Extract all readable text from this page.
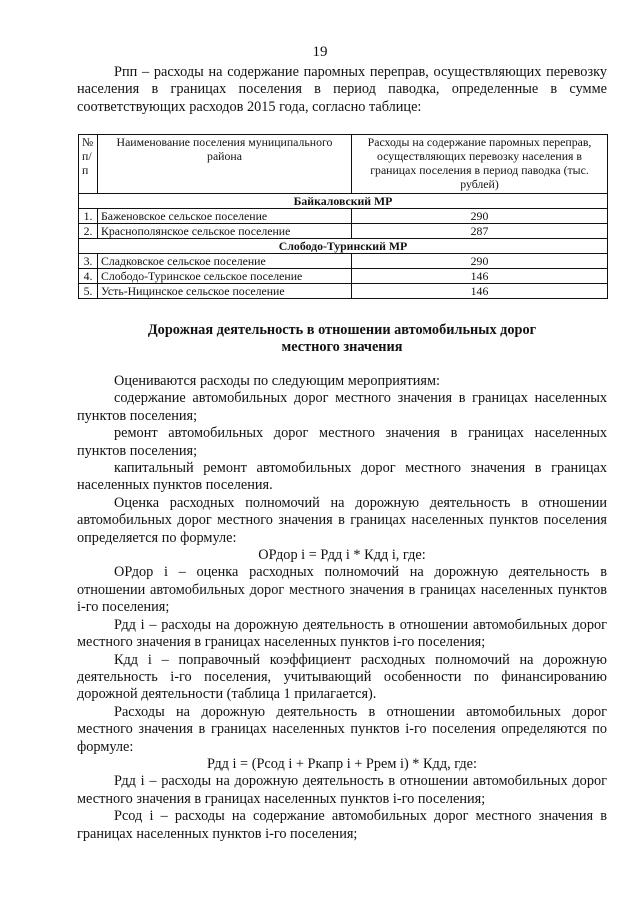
19

Рпп – расходы на содержание паромных переправ, осуществляющих перевозку населения в границах поселения в период паводка, определенные в сумме соответствующих расходов 2015 года, согласно таблице:

№ п/п	Наименование поселения муниципального района	Расходы на содержание паромных переправ, осуществляющих перевозку населения в границах поселения в период паводка (тыс. рублей)
Байкаловский МР		
1.	Баженовское сельское поселение	290
2.	Краснополянское сельское поселение	287
Слободо-Туринский МР		
3.	Сладковское сельское поселение	290
4.	Слободо-Туринское сельское поселение	146
5.	Усть-Ницинское сельское поселение	146
Дорожная деятельность в отношении автомобильных дорог
местного значения

Оцениваются расходы по следующим мероприятиям:

содержание автомобильных дорог местного значения в границах населенных пунктов поселения;

ремонт автомобильных дорог местного значения в границах населенных пунктов поселения;

капитальный ремонт автомобильных дорог местного значения в границах населенных пунктов поселения.

Оценка расходных полномочий на дорожную деятельность в отношении автомобильных дорог местного значения в границах населенных пунктов поселения определяется по формуле:

ОРдор i = Рдд i * Кдд i, где:

ОРдор i – оценка расходных полномочий на дорожную деятельность в отношении автомобильных дорог местного значения в границах населенных пунктов i-го поселения;

Рдд i – расходы на дорожную деятельность в отношении автомобильных дорог местного значения в границах населенных пунктов i-го поселения;

Кдд i – поправочный коэффициент расходных полномочий на дорожную деятельность i-го поселения, учитывающий особенности по финансированию дорожной деятельности (таблица 1 прилагается).

Расходы на дорожную деятельность в отношении автомобильных дорог местного значения в границах населенных пунктов i-го поселения определяются по формуле:

Рдд i = (Рсод i + Ркапр i + Ррем i) * Кдд, где:

Рдд i – расходы на дорожную деятельность в отношении автомобильных дорог местного значения в границах населенных пунктов i-го поселения;

Рсод i – расходы на содержание автомобильных дорог местного значения в границах населенных пунктов i-го поселения;
